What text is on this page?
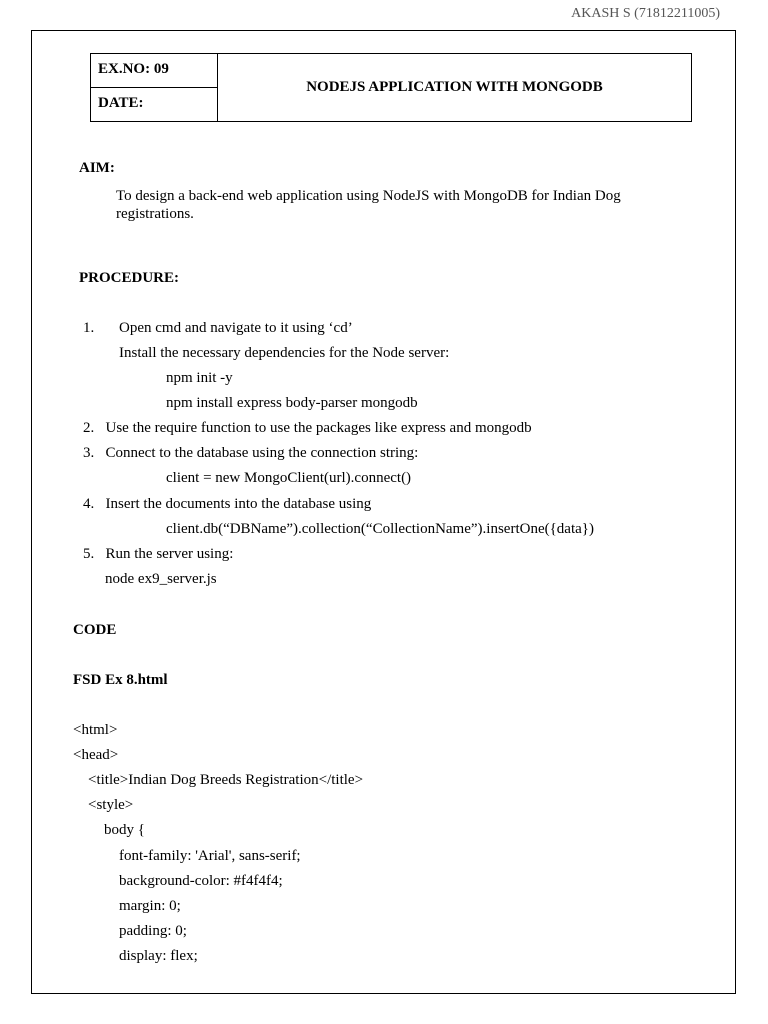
AKASH S (71812211005)
EX.NO: 09
DATE:
NODEJS APPLICATION WITH MONGODB
AIM:
To design a back-end web application using NodeJS with MongoDB for Indian Dog registrations.
PROCEDURE:
1. Open cmd and navigate to it using ‘cd’
Install the necessary dependencies for the Node server:
npm init -y
npm install express body-parser mongodb
2.   Use the require function to use the packages like express and mongodb
3.   Connect to the database using the connection string:
client = new MongoClient(url).connect()
4.   Insert the documents into the database using
client.db(“DBName”).collection(“CollectionName”).insertOne({data})
5.   Run the server using:
node ex9_server.js
CODE
FSD Ex 8.html
<html>
<head>
<title>Indian Dog Breeds Registration</title>
<style>
body {
font-family: 'Arial', sans-serif;
background-color: #f4f4f4;
margin: 0;
padding: 0;
display: flex;
